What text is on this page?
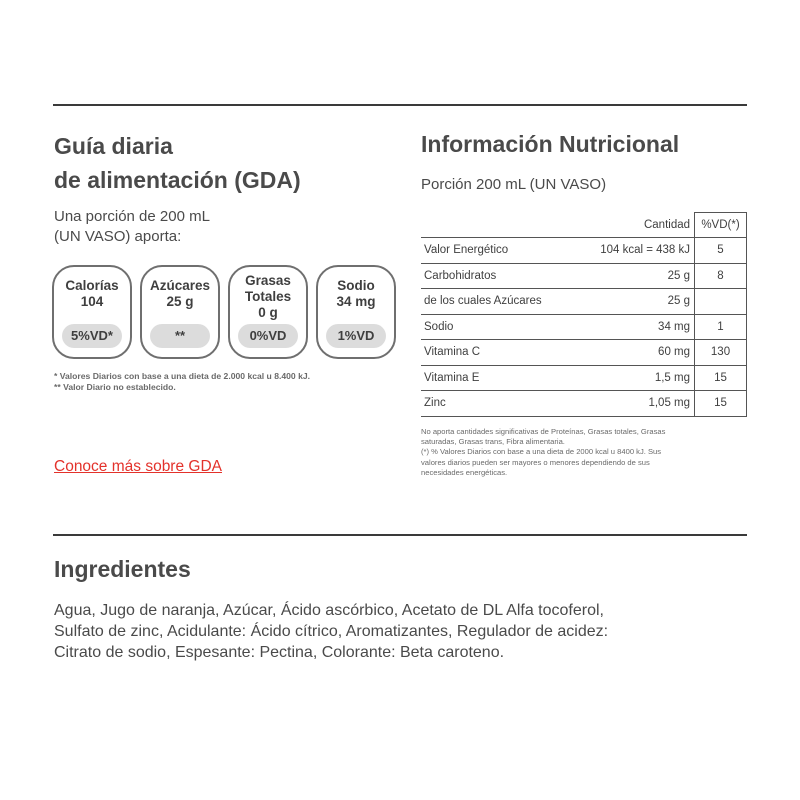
Guía diaria
de alimentación (GDA)
Una porción de 200 mL
(UN VASO) aporta:
Calorías
104
5%VD*
Azúcares
25 g
**
Grasas
Totales
0 g
0%VD
Sodio
34 mg
1%VD
* Valores Diarios con base a una dieta de 2.000 kcal u 8.400 kJ.
** Valor Diario no establecido.
Conoce más sobre GDA
Información Nutricional
Porción 200 mL (UN VASO)
	Cantidad	%VD(*)
Valor Energético	104 kcal = 438 kJ	5
Carbohidratos	25 g	8
de los cuales Azúcares	25 g	
Sodio	34 mg	1
Vitamina C	60 mg	130
Vitamina E	1,5 mg	15
Zinc	1,05 mg	15
No aporta cantidades significativas de Proteínas, Grasas totales, Grasas
saturadas, Grasas trans, Fibra alimentaria.
(*) % Valores Diarios con base a una dieta de 2000 kcal u 8400 kJ. Sus
valores diarios pueden ser mayores o menores dependiendo de sus
necesidades energéticas.
Ingredientes
Agua, Jugo de naranja, Azúcar, Ácido ascórbico, Acetato de DL Alfa tocoferol,
Sulfato de zinc, Acidulante: Ácido cítrico, Aromatizantes, Regulador de acidez:
Citrato de sodio, Espesante: Pectina, Colorante: Beta caroteno.
